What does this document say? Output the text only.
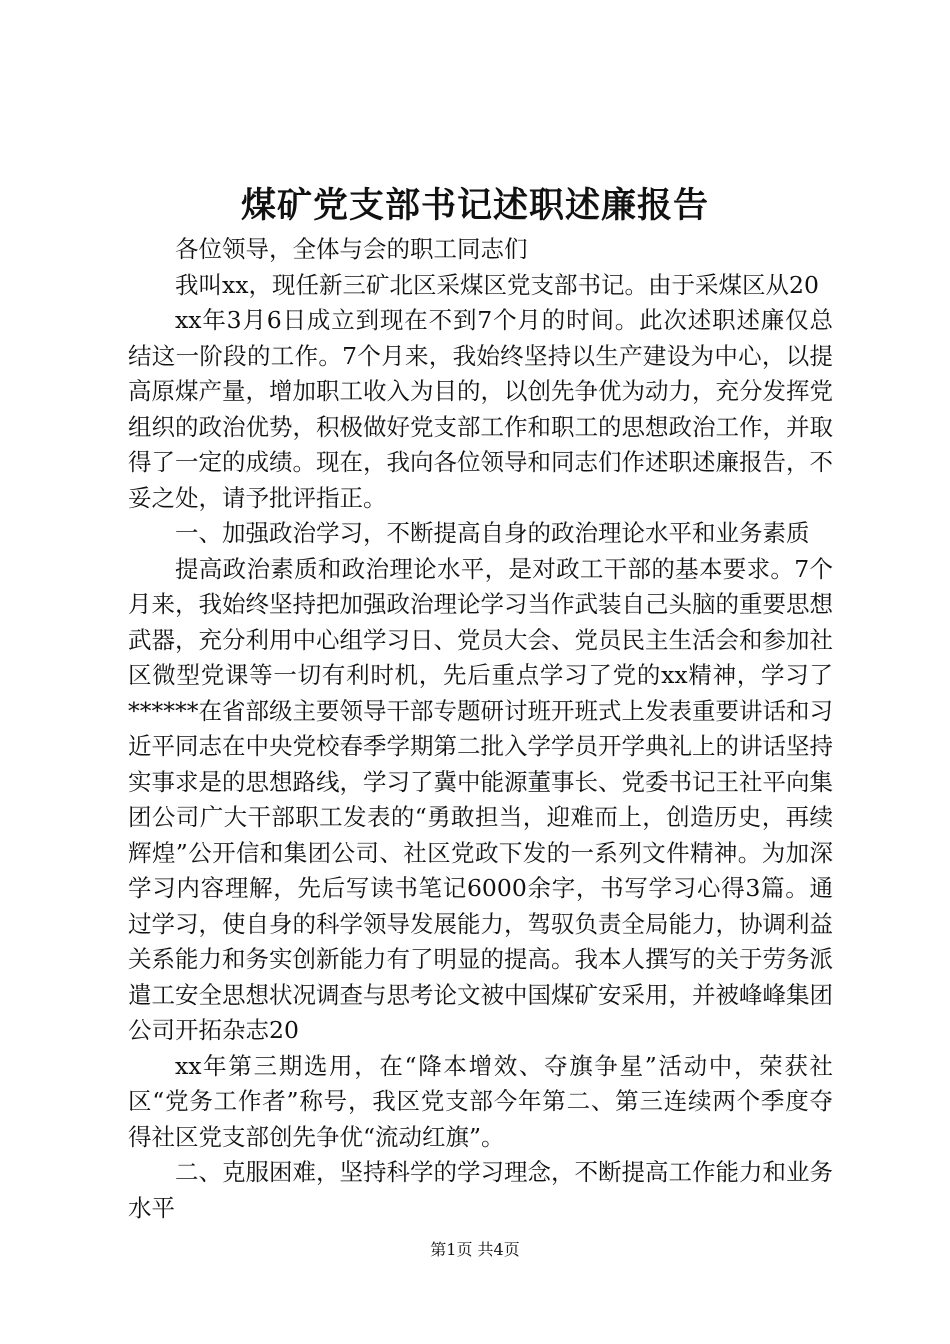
煤矿党支部书记述职述廉报告

各位领导，全体与会的职工同志们

我叫xx，现任新三矿北区采煤区党支部书记。由于采煤区从20

xx年3月6日成立到现在不到7个月的时间。此次述职述廉仅总结这一阶段的工作。7个月来，我始终坚持以生产建设为中心，以提高原煤产量，增加职工收入为目的，以创先争优为动力，充分发挥党组织的政治优势，积极做好党支部工作和职工的思想政治工作，并取得了一定的成绩。现在，我向各位领导和同志们作述职述廉报告，不妥之处，请予批评指正。

一、加强政治学习，不断提高自身的政治理论水平和业务素质

提高政治素质和政治理论水平，是对政工干部的基本要求。7个月来，我始终坚持把加强政治理论学习当作武装自己头脑的重要思想武器，充分利用中心组学习日、党员大会、党员民主生活会和参加社区微型党课等一切有利时机，先后重点学习了党的xx精神，学习了******在省部级主要领导干部专题研讨班开班式上发表重要讲话和习近平同志在中央党校春季学期第二批入学学员开学典礼上的讲话坚持实事求是的思想路线，学习了冀中能源董事长、党委书记王社平向集团公司广大干部职工发表的“勇敢担当，迎难而上，创造历史，再续辉煌”公开信和集团公司、社区党政下发的一系列文件精神。为加深学习内容理解，先后写读书笔记6000余字，书写学习心得3篇。通过学习，使自身的科学领导发展能力，驾驭负责全局能力，协调利益关系能力和务实创新能力有了明显的提高。我本人撰写的关于劳务派遣工安全思想状况调查与思考论文被中国煤矿安采用，并被峰峰集团公司开拓杂志20

xx年第三期选用，在“降本增效、夺旗争星”活动中，荣获社区“党务工作者”称号，我区党支部今年第二、第三连续两个季度夺得社区党支部创先争优“流动红旗”。

二、克服困难，坚持科学的学习理念，不断提高工作能力和业务水平

第1页 共4页
